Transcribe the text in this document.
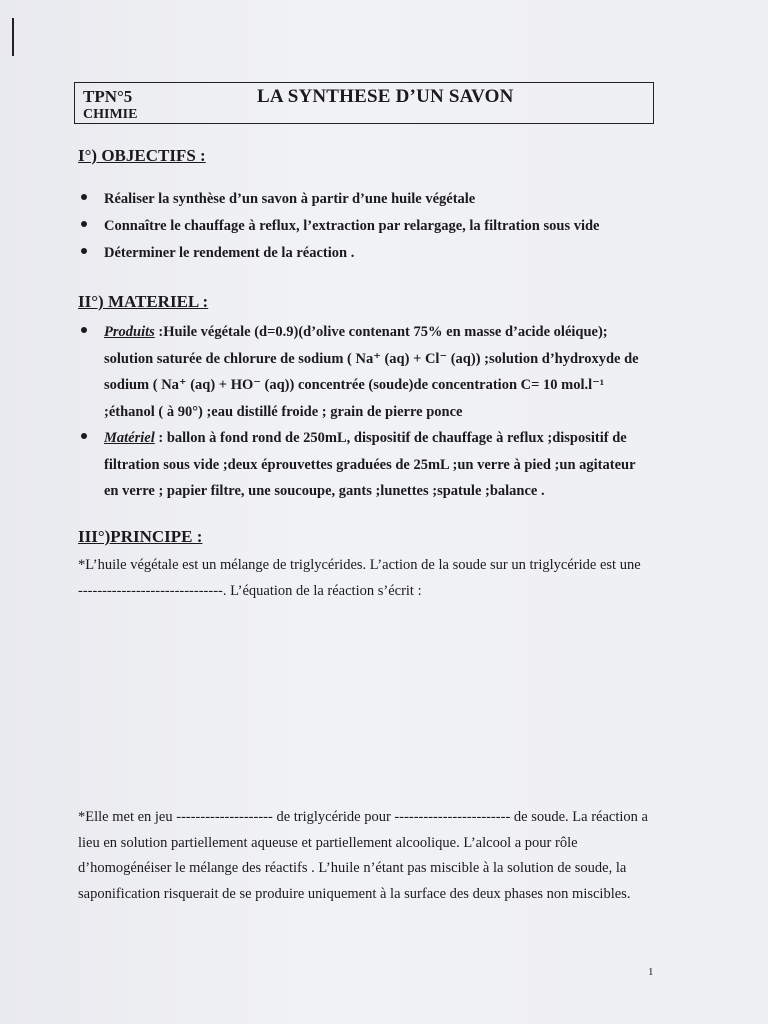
TPN°5
CHIMIE
LA SYNTHESE D’UN SAVON
I°) OBJECTIFS :
Réaliser la synthèse d’un savon à partir d’une huile végétale
Connaître le chauffage à reflux, l’extraction par relargage, la filtration sous vide
Déterminer le rendement de la réaction .
II°) MATERIEL :
Produits :Huile végétale (d=0.9)(d’olive contenant 75% en masse d’acide oléique); solution saturée de chlorure de sodium ( Na⁺ (aq) + Cl⁻ (aq)) ;solution d’hydroxyde de sodium ( Na⁺ (aq) + HO⁻ (aq)) concentrée (soude)de concentration C= 10 mol.l⁻¹ ;éthanol ( à 90°) ;eau distillé froide ; grain de pierre ponce
Matériel : ballon à fond rond de 250mL, dispositif de chauffage à reflux ;dispositif de filtration sous vide ;deux éprouvettes graduées de 25mL ;un verre à pied ;un agitateur en verre ; papier filtre, une soucoupe, gants ;lunettes ;spatule ;balance .
III°)PRINCIPE :
*L’huile végétale est un mélange de triglycérides. L’action de la soude sur un triglycéride est une ------------------------------. L’équation de la réaction s’écrit :
*Elle met en jeu -------------------- de triglycéride pour ------------------------ de soude. La réaction a lieu en solution partiellement aqueuse et partiellement alcoolique. L’alcool a pour rôle d’homogénéiser le mélange des réactifs . L’huile n’étant pas miscible à la solution de soude, la saponification risquerait de se produire uniquement à la surface des deux phases non miscibles.
1
